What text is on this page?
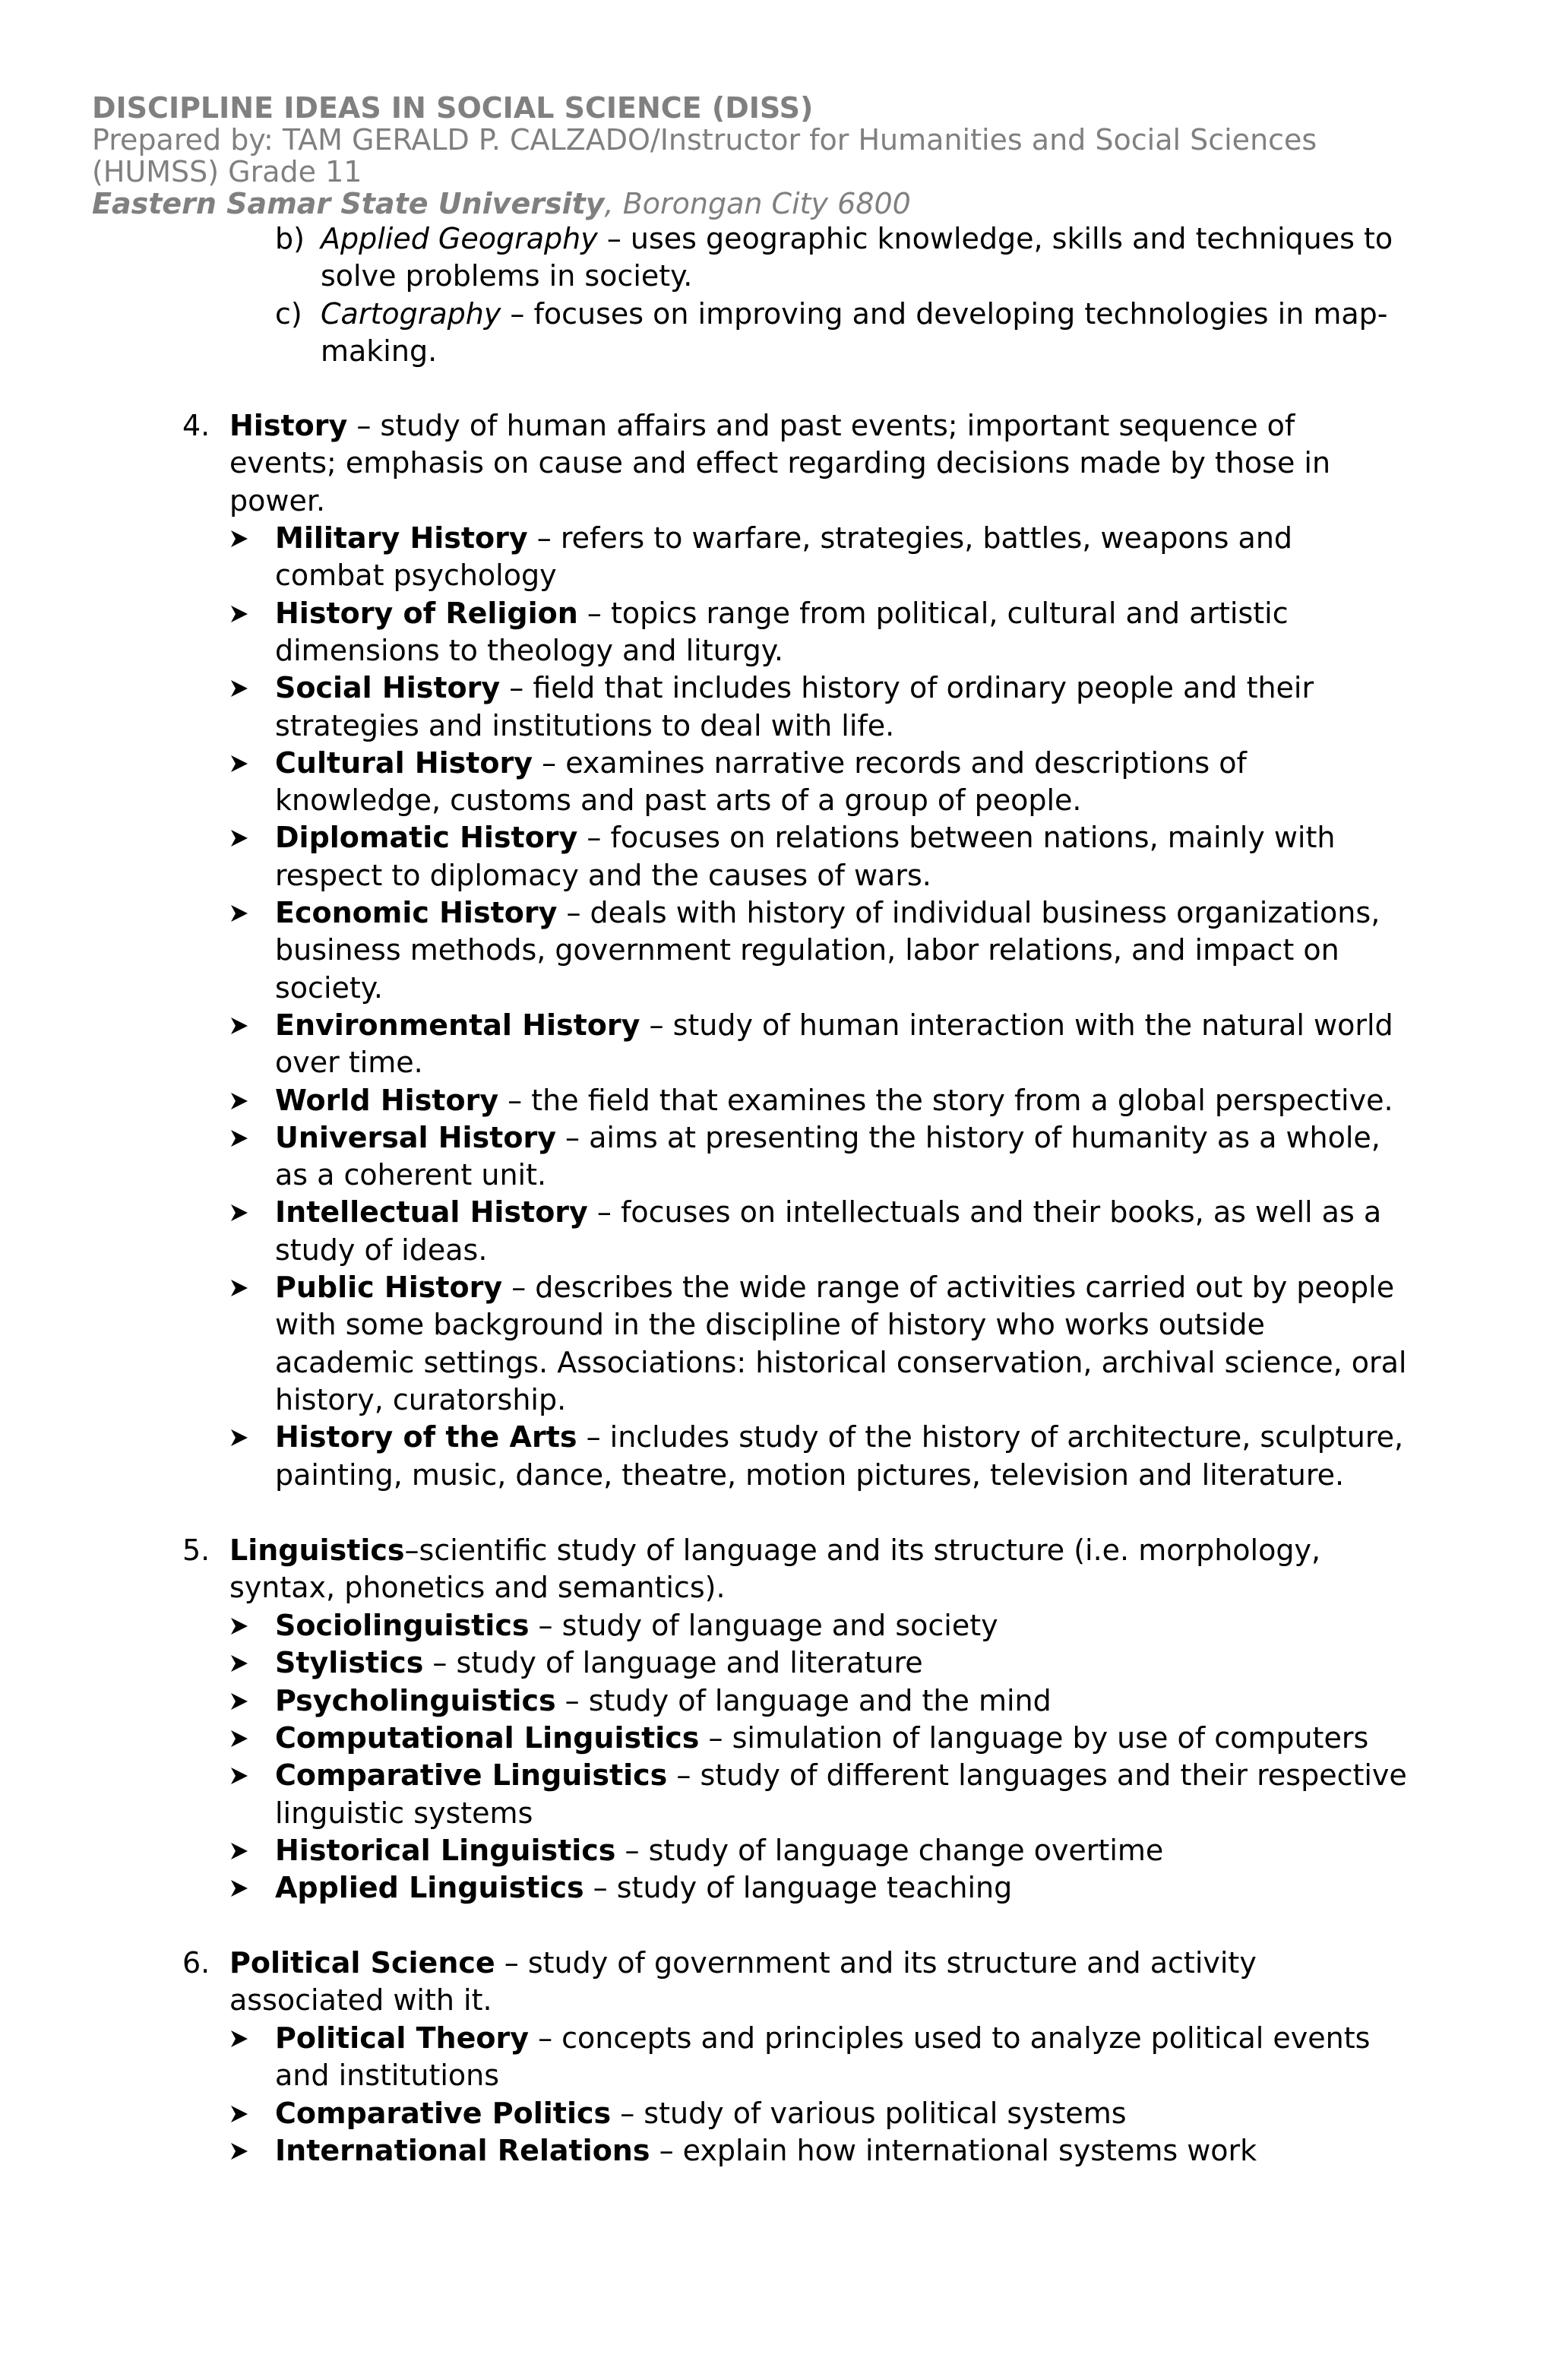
DISCIPLINE IDEAS IN SOCIAL SCIENCE (DISS)
Prepared by: TAM GERALD P. CALZADO/Instructor for Humanities and Social Sciences
(HUMSS) Grade 11
Eastern Samar State University, Borongan City 6800
b) Applied Geography – uses geographic knowledge, skills and techniques to
solve problems in society.
c) Cartography – focuses on improving and developing technologies in map-
making.
4. History – study of human affairs and past events; important sequence of
events; emphasis on cause and effect regarding decisions made by those in
power.
Military History – refers to warfare, strategies, battles, weapons and
combat psychology
History of Religion – topics range from political, cultural and artistic
dimensions to theology and liturgy.
Social History – field that includes history of ordinary people and their
strategies and institutions to deal with life.
Cultural History – examines narrative records and descriptions of
knowledge, customs and past arts of a group of people.
Diplomatic History – focuses on relations between nations, mainly with
respect to diplomacy and the causes of wars.
Economic History – deals with history of individual business organizations,
business methods, government regulation, labor relations, and impact on
society.
Environmental History – study of human interaction with the natural world
over time.
World History – the field that examines the story from a global perspective.
Universal History – aims at presenting the history of humanity as a whole,
as a coherent unit.
Intellectual History – focuses on intellectuals and their books, as well as a
study of ideas.
Public History – describes the wide range of activities carried out by people
with some background in the discipline of history who works outside
academic settings. Associations: historical conservation, archival science, oral
history, curatorship.
History of the Arts – includes study of the history of architecture, sculpture,
painting, music, dance, theatre, motion pictures, television and literature.
5. Linguistics–scientific study of language and its structure (i.e. morphology,
syntax, phonetics and semantics).
Sociolinguistics – study of language and society
Stylistics – study of language and literature
Psycholinguistics – study of language and the mind
Computational Linguistics – simulation of language by use of computers
Comparative Linguistics – study of different languages and their respective
linguistic systems
Historical Linguistics – study of language change overtime
Applied Linguistics – study of language teaching
6. Political Science – study of government and its structure and activity
associated with it.
Political Theory – concepts and principles used to analyze political events
and institutions
Comparative Politics – study of various political systems
International Relations – explain how international systems work
